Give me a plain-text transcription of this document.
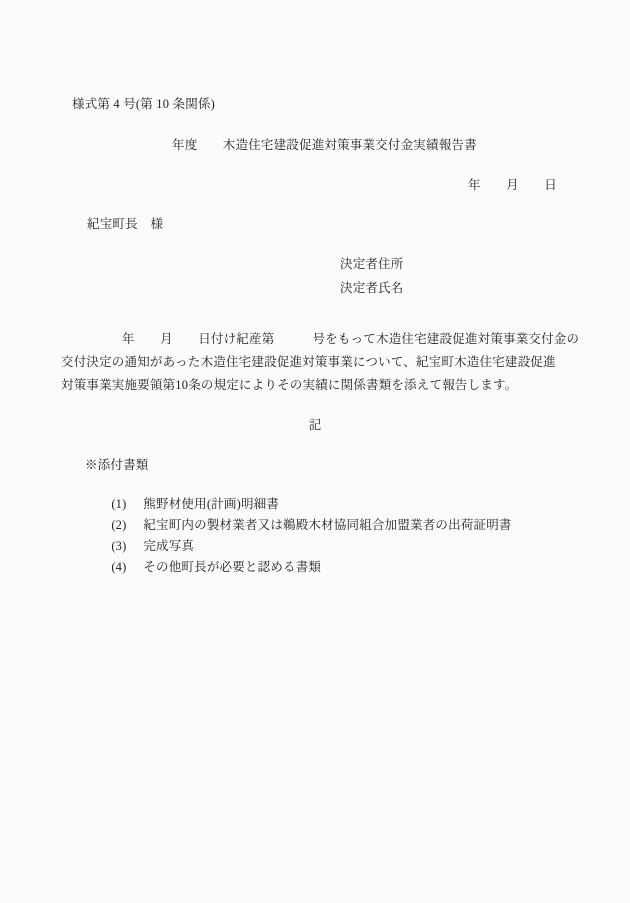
様式第 4 号(第 10 条関係)
年度　　木造住宅建設促進対策事業交付金実績報告書
年　　月　　日
紀宝町長　様
決定者住所
決定者氏名
年　　月　　日付け紀産第　　　号をもって木造住宅建設促進対策事業交付金の
交付決定の通知があった木造住宅建設促進対策事業について、紀宝町木造住宅建設促進
対策事業実施要領第10条の規定によりその実績に関係書類を添えて報告します。
記
※添付書類

(1) 熊野材使用(計画)明細書

(2) 紀宝町内の製材業者又は鵜殿木材協同組合加盟業者の出荷証明書

(3) 完成写真

(4) その他町長が必要と認める書類
